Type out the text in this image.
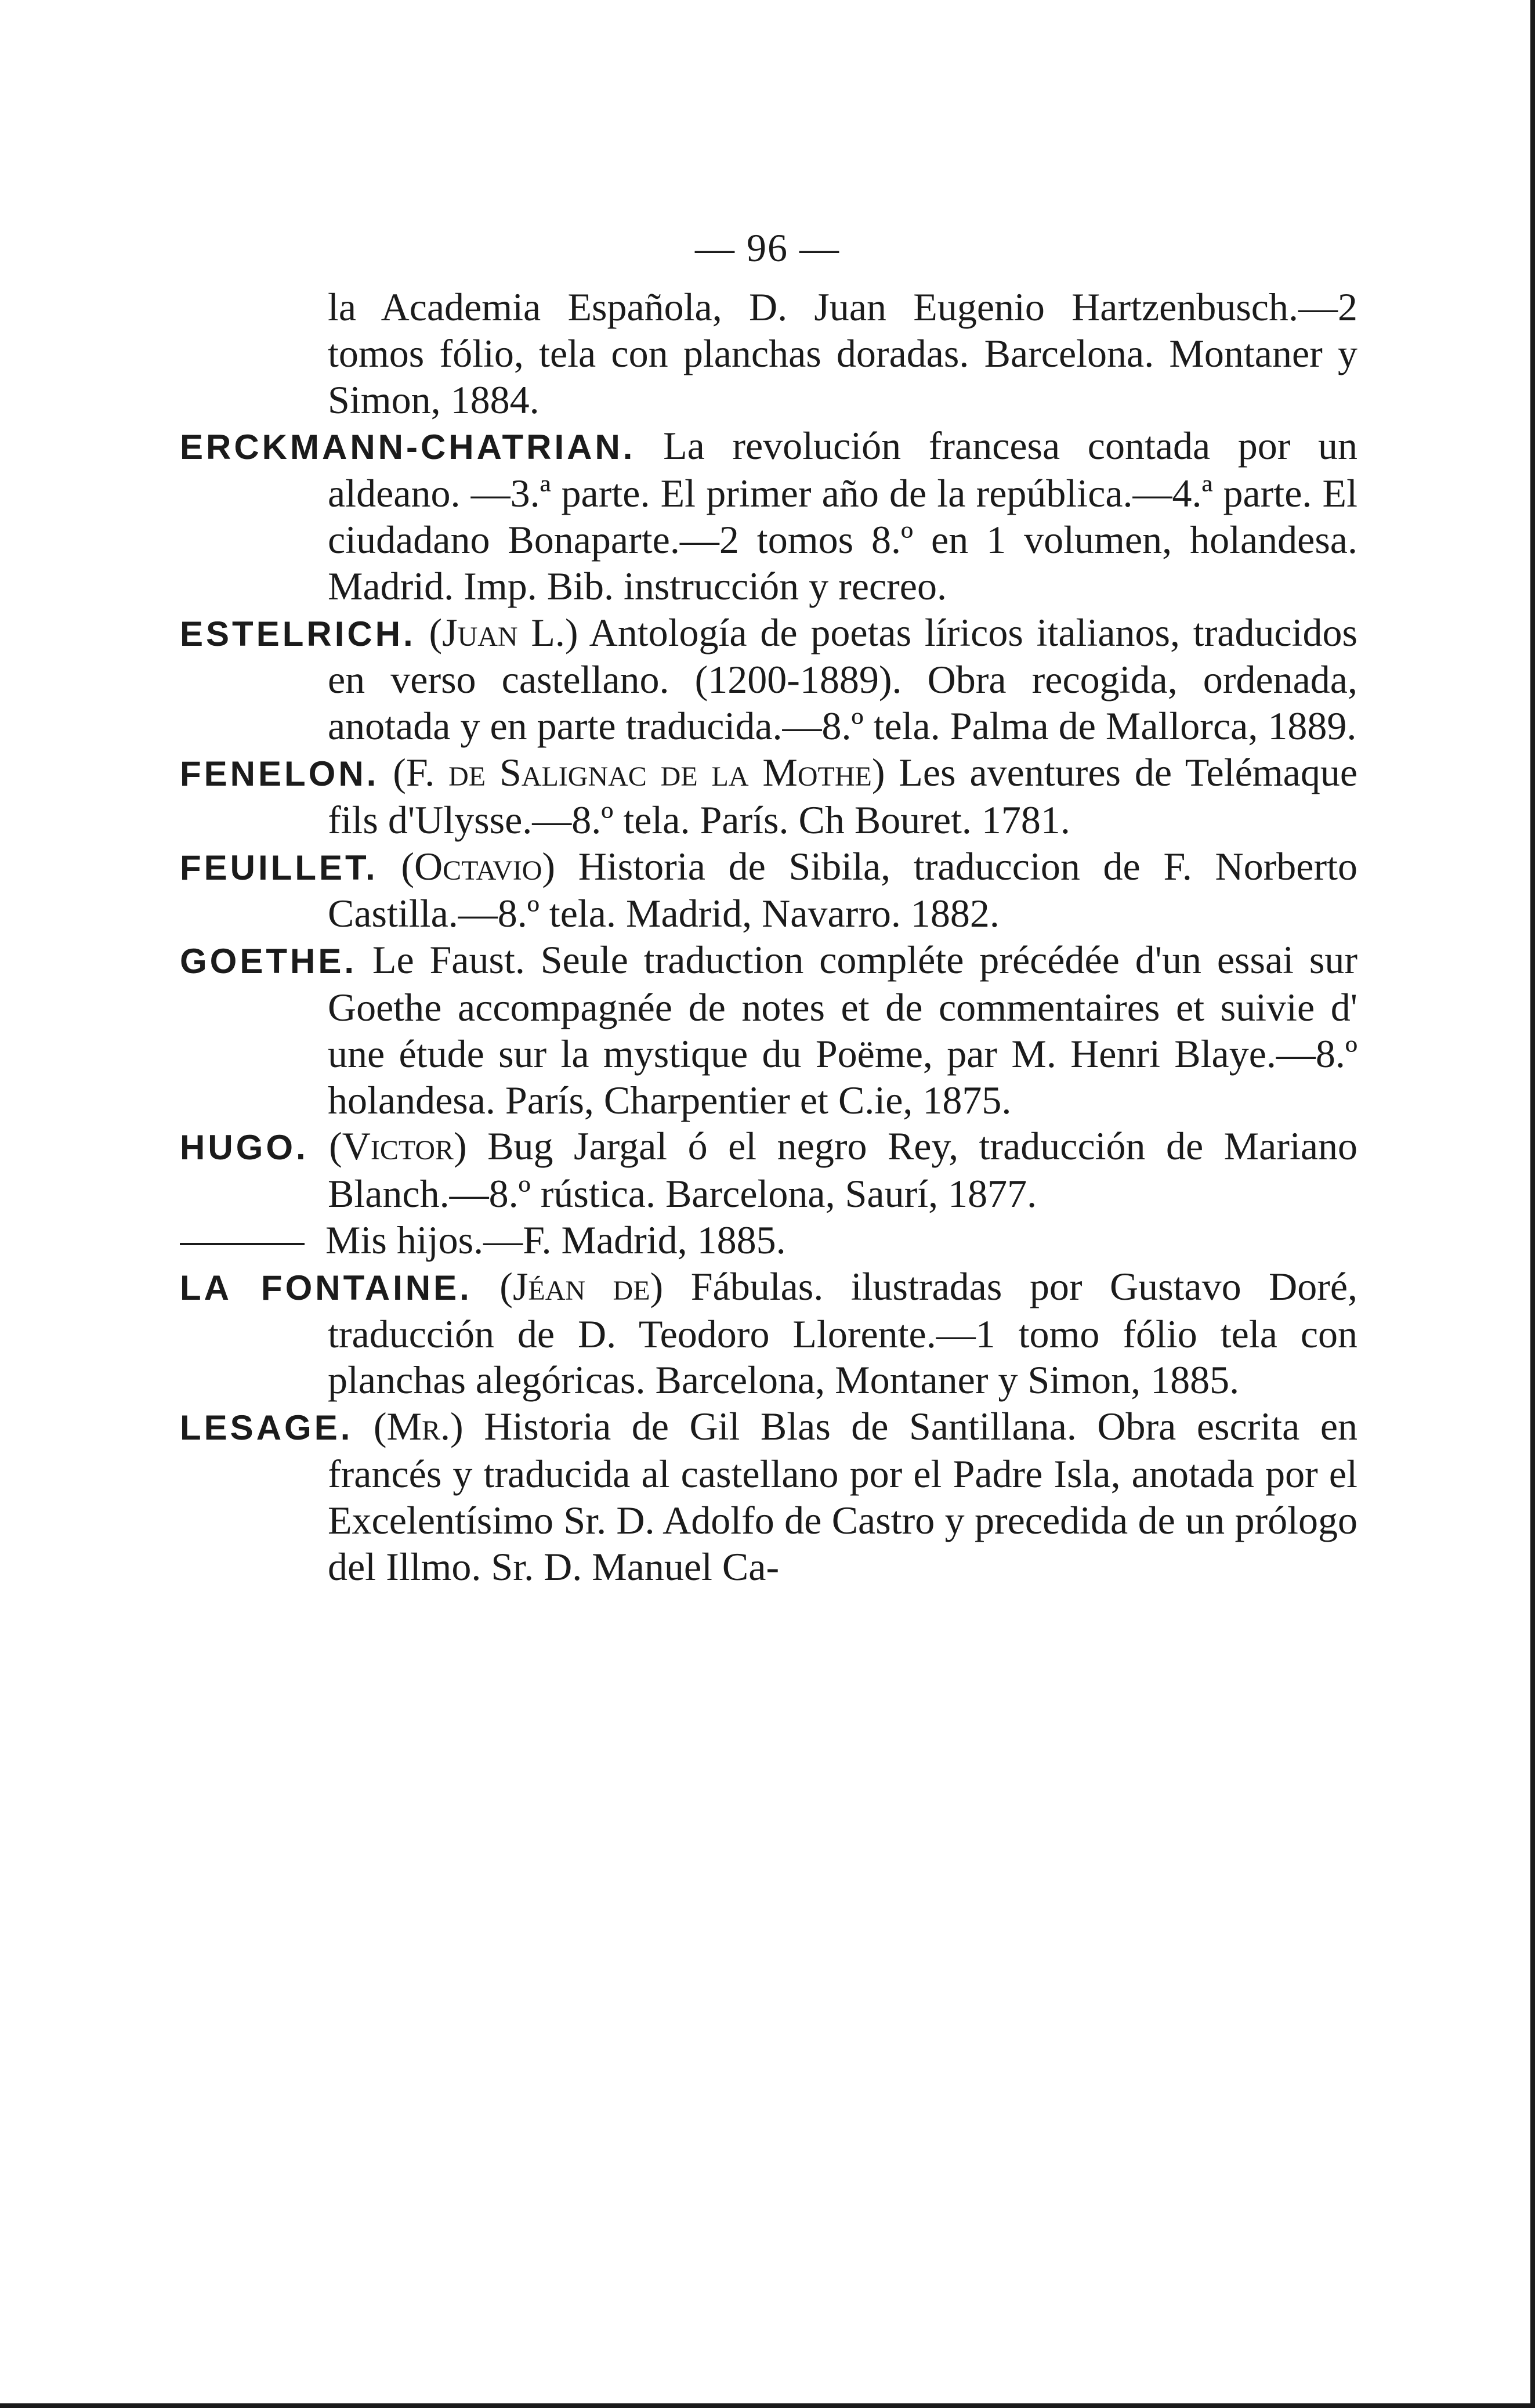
— 96 —

la Academia Española, D. Juan Eugenio Hartzenbusch.—2 tomos fólio, tela con planchas doradas. Barcelona. Montaner y Simon, 1884.

ERCKMANN-CHATRIAN. La revolución francesa contada por un aldeano. —3.ª parte. El primer año de la república.—4.ª parte. El ciudadano Bonaparte.—2 tomos 8.º en 1 volumen, holandesa. Madrid. Imp. Bib. instrucción y recreo.

ESTELRICH. (Juan L.) Antología de poetas líricos italianos, traducidos en verso castellano. (1200-1889). Obra recogida, ordenada, anotada y en parte traducida.—8.º tela. Palma de Mallorca, 1889.

FENELON. (F. de Salignac de la Mothe) Les aventures de Telémaque fils d'Ulysse.—8.º tela. París. Ch Bouret. 1781.

FEUILLET. (Octavio) Historia de Sibila, traduccion de F. Norberto Castilla.—8.º tela. Madrid, Navarro. 1882.

GOETHE. Le Faust. Seule traduction compléte précédée d'un essai sur Goethe accompagnée de notes et de commentaires et suivie d' une étude sur la mystique du Poëme, par M. Henri Blaye.—8.º holandesa. París, Charpentier et C.ie, 1875.

HUGO. (Victor) Bug Jargal ó el negro Rey, traducción de Mariano Blanch.—8.º rústica. Barcelona, Saurí, 1877.

Mis hijos.—F. Madrid, 1885.

LA FONTAINE. (Jéan de) Fábulas. ilustradas por Gustavo Doré, traducción de D. Teodoro Llorente.—1 tomo fólio tela con planchas alegóricas. Barcelona, Montaner y Simon, 1885.

LESAGE. (Mr.) Historia de Gil Blas de Santillana. Obra escrita en francés y traducida al castellano por el Padre Isla, anotada por el Excelentísimo Sr. D. Adolfo de Castro y precedida de un prólogo del Illmo. Sr. D. Manuel Ca-
